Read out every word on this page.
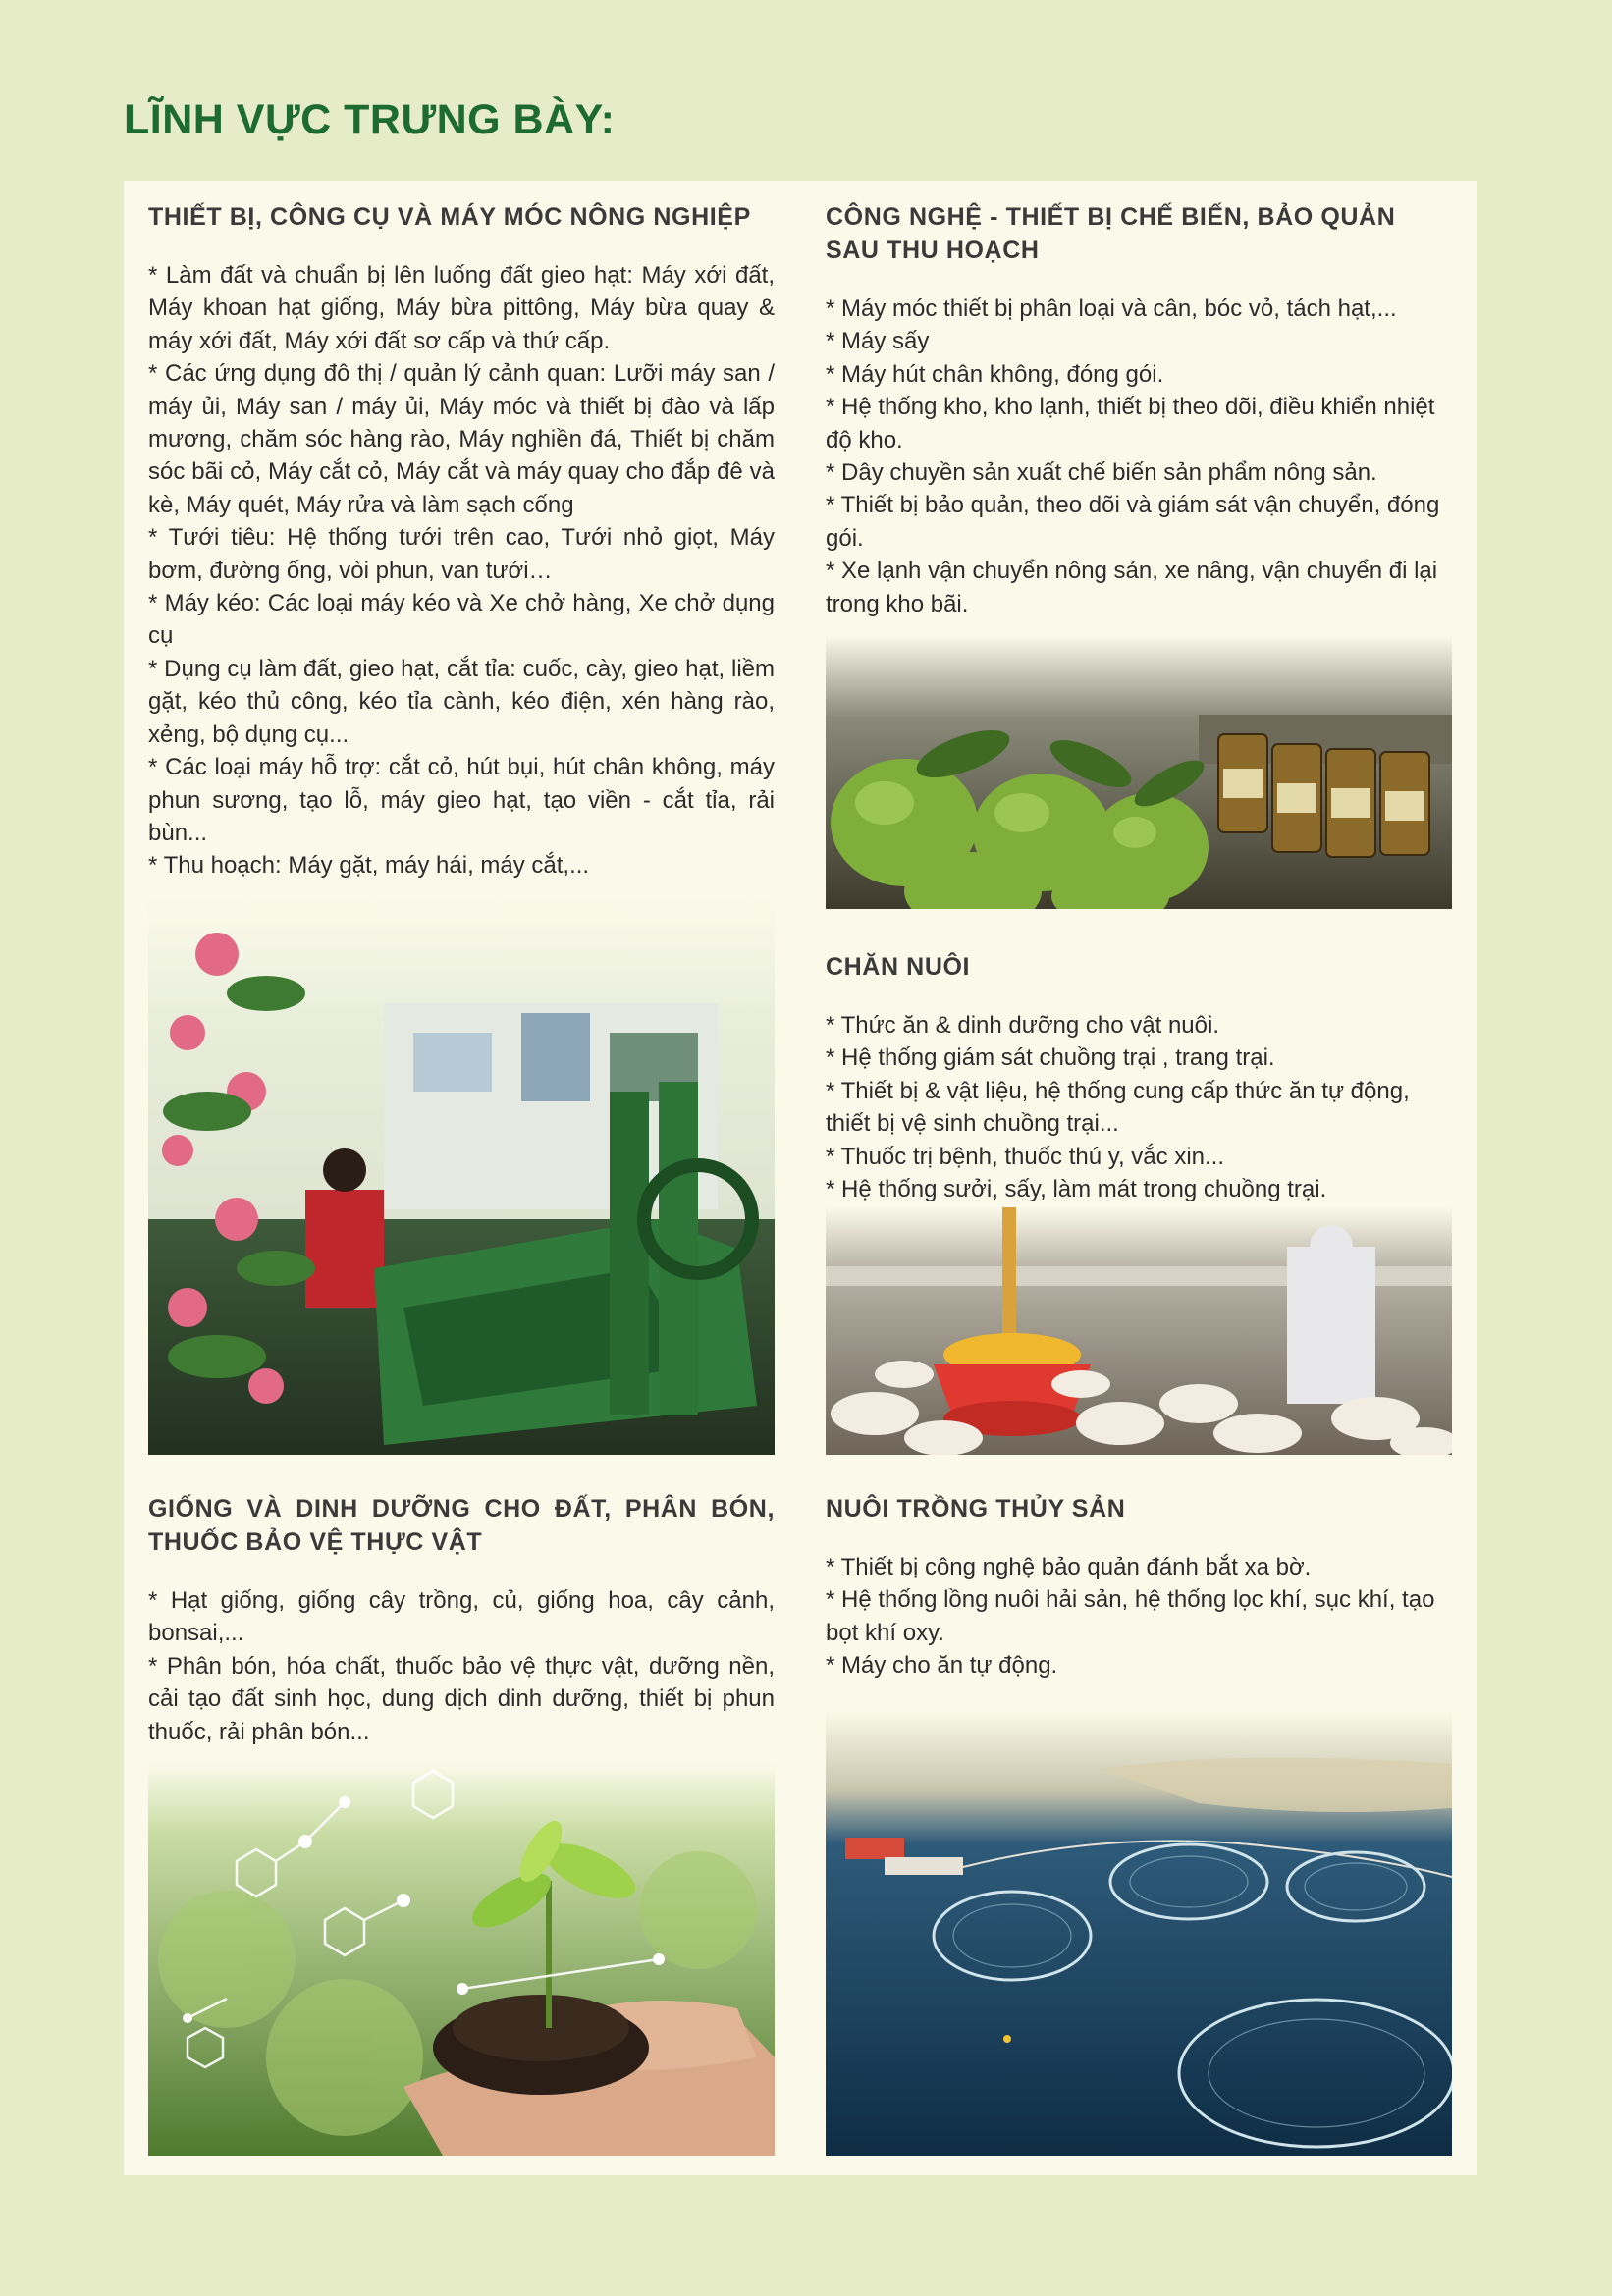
LĨNH VỰC TRƯNG BÀY:
THIẾT BỊ, CÔNG CỤ VÀ MÁY MÓC NÔNG NGHIỆP

* Làm đất và chuẩn bị lên luống đất gieo hạt: Máy xới đất, Máy khoan hạt giống, Máy bừa pittông, Máy bừa quay & máy xới đất, Máy xới đất sơ cấp và thứ cấp.

* Các ứng dụng đô thị / quản lý cảnh quan: Lưỡi máy san / máy ủi, Máy san / máy ủi, Máy móc và thiết bị đào và lấp mương, chăm sóc hàng rào, Máy nghiền đá, Thiết bị chăm sóc bãi cỏ, Máy cắt cỏ, Máy cắt và máy quay cho đắp đê và kè, Máy quét, Máy rửa và làm sạch cống

* Tưới tiêu: Hệ thống tưới trên cao, Tưới nhỏ giọt, Máy bơm, đường ống, vòi phun, van tưới…

* Máy kéo: Các loại máy kéo và Xe chở hàng, Xe chở dụng cụ

* Dụng cụ làm đất, gieo hạt, cắt tỉa: cuốc, cày, gieo hạt, liềm gặt, kéo thủ công, kéo tỉa cành, kéo điện, xén hàng rào, xẻng, bộ dụng cụ...

* Các loại máy hỗ trợ: cắt cỏ, hút bụi, hút chân không, máy phun sương, tạo lỗ, máy gieo hạt, tạo viền - cắt tỉa, rải bùn...

* Thu hoạch: Máy gặt, máy hái, máy cắt,...

CÔNG NGHỆ - THIẾT BỊ CHẾ BIẾN, BẢO QUẢN SAU THU HOẠCH

* Máy móc thiết bị phân loại và cân, bóc vỏ, tách hạt,...

* Máy sấy

* Máy hút chân không, đóng gói.

* Hệ thống kho, kho lạnh, thiết bị theo dõi, điều khiển nhiệt độ kho.

* Dây chuyền sản xuất chế biến sản phẩm nông sản.

* Thiết bị bảo quản, theo dõi và giám sát vận chuyển, đóng gói.

* Xe lạnh vận chuyển nông sản, xe nâng, vận chuyển đi lại trong kho bãi.

CHĂN NUÔI

* Thức ăn & dinh dưỡng cho vật nuôi.

* Hệ thống giám sát chuồng trại , trang trại.

* Thiết bị & vật liệu, hệ thống cung cấp thức ăn tự động, thiết bị vệ sinh chuồng trại...

* Thuốc trị bệnh, thuốc thú y, vắc xin...

* Hệ thống sưởi, sấy, làm mát trong chuồng trại.

GIỐNG VÀ DINH DƯỠNG CHO ĐẤT, PHÂN BÓN, THUỐC BẢO VỆ THỰC VẬT

* Hạt giống, giống cây trồng, củ, giống hoa, cây cảnh, bonsai,...

* Phân bón, hóa chất, thuốc bảo vệ thực vật, dưỡng nền, cải tạo đất sinh học, dung dịch dinh dưỡng, thiết bị phun thuốc, rải phân bón...

NUÔI TRỒNG THỦY SẢN

* Thiết bị công nghệ bảo quản đánh bắt xa bờ.

* Hệ thống lồng nuôi hải sản, hệ thống lọc khí, sục khí, tạo bọt khí oxy.

* Máy cho ăn tự động.
